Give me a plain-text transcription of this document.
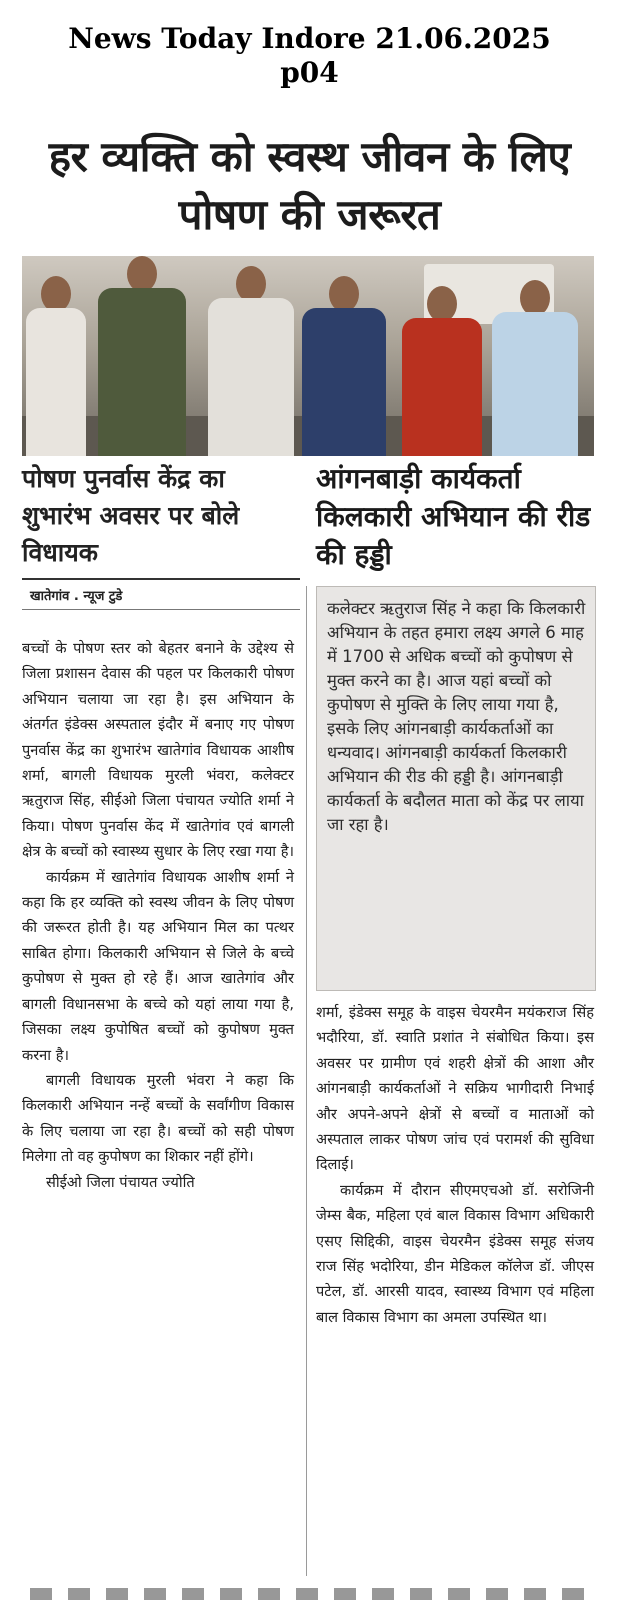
News Today Indore 21.06.2025
p04
हर व्यक्ति को स्वस्थ जीवन के लिए पोषण की जरूरत
पोषण पुनर्वास केंद्र का शुभारंभ अवसर पर बोले विधायक
खातेगांव . न्यूज टुडे
आंगनबाड़ी कार्यकर्ता किलकारी अभियान की रीड की हड्डी

कलेक्टर ऋतुराज सिंह ने कहा कि किलकारी अभियान के तहत हमारा लक्ष्य अगले 6 माह में 1700 से अधिक बच्चों को कुपोषण से मुक्त करने का है। आज यहां बच्चों को कुपोषण से मुक्ति के लिए लाया गया है, इसके लिए आंगनबाड़ी कार्यकर्ताओं का धन्यवाद। आंगनबाड़ी कार्यकर्ता किलकारी अभियान की रीड की हड्डी है। आंगनबाड़ी कार्यकर्ता के बदौलत माता को केंद्र पर लाया जा रहा है।

बच्चों के पोषण स्तर को बेहतर बनाने के उद्देश्य से जिला प्रशासन देवास की पहल पर किलकारी पोषण अभियान चलाया जा रहा है। इस अभियान के अंतर्गत इंडेक्स अस्पताल इंदौर में बनाए गए पोषण पुनर्वास केंद्र का शुभारंभ खातेगांव विधायक आशीष शर्मा, बागली विधायक मुरली भंवरा, कलेक्टर ऋतुराज सिंह, सीईओ जिला पंचायत ज्योति शर्मा ने किया। पोषण पुनर्वास केंद में खातेगांव एवं बागली क्षेत्र के बच्चों को स्वास्थ्य सुधार के लिए रखा गया है।

कार्यक्रम में खातेगांव विधायक आशीष शर्मा ने कहा कि हर व्यक्ति को स्वस्थ जीवन के लिए पोषण की जरूरत होती है। यह अभियान मिल का पत्थर साबित होगा। किलकारी अभियान से जिले के बच्चे कुपोषण से मुक्त हो रहे हैं। आज खातेगांव और बागली विधानसभा के बच्चे को यहां लाया गया है, जिसका लक्ष्य कुपोषित बच्चों को कुपोषण मुक्त करना है।

बागली विधायक मुरली भंवरा ने कहा कि किलकारी अभियान नन्हें बच्चों के सर्वांगीण विकास के लिए चलाया जा रहा है। बच्चों को सही पोषण मिलेगा तो वह कुपोषण का शिकार नहीं होंगे।

सीईओ जिला पंचायत ज्योति

शर्मा, इंडेक्स समूह के वाइस चेयरमैन मयंकराज सिंह भदौरिया, डॉ. स्वाति प्रशांत ने संबोधित किया। इस अवसर पर ग्रामीण एवं शहरी क्षेत्रों की आशा और आंगनबाड़ी कार्यकर्ताओं ने सक्रिय भागीदारी निभाई और अपने-अपने क्षेत्रों से बच्चों व माताओं को अस्पताल लाकर पोषण जांच एवं परामर्श की सुविधा दिलाई।

कार्यक्रम में दौरान सीएमएचओ डॉ. सरोजिनी जेम्स बैक, महिला एवं बाल विकास विभाग अधिकारी एसए सिद्दिकी, वाइस चेयरमैन इंडेक्स समूह संजय राज सिंह भदोरिया, डीन मेडिकल कॉलेज डॉ. जीएस पटेल, डॉ. आरसी यादव, स्वास्थ्य विभाग एवं महिला बाल विकास विभाग का अमला उपस्थित था।
